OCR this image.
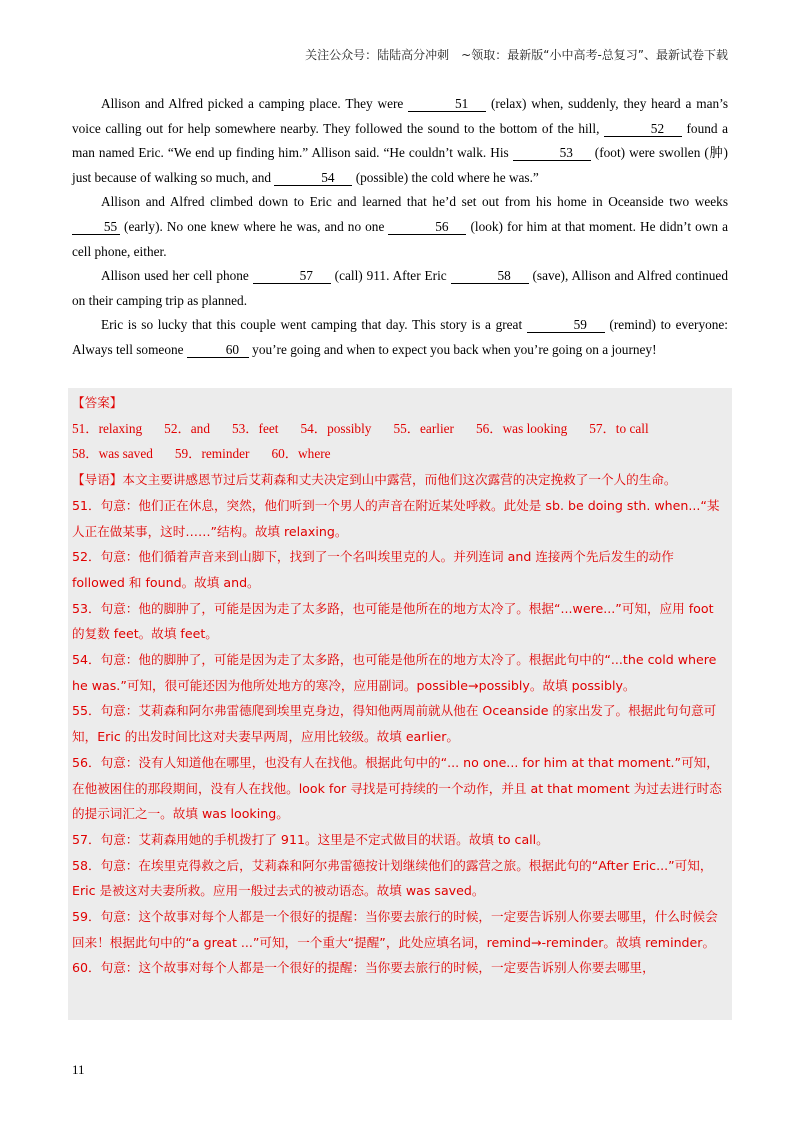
关注公众号：陆陆高分冲刺　~领取：最新版“小中高考-总复习”、最新试卷下载

Allison and Alfred picked a camping place. They were	51 (relax) when, suddenly, they heard a man’s voice calling out for help somewhere nearby. They followed the sound to the bottom of the hill,	52 found a man named Eric. “We end up finding him.” Allison said. “He couldn’t walk. His	53 (foot) were swollen (肿) just because of walking so much, and	54 (possible) the cold where he was.”

Allison and Alfred climbed down to Eric and learned that he’d set out from his home in Oceanside two weeks 55 (early). No one knew where he was, and no one	56 (look) for him at that moment. He didn’t own a cell phone, either.

Allison used her cell phone	57 (call) 911. After Eric	58 (save), Allison and Alfred continued on their camping trip as planned.

Eric is so lucky that this couple went camping that day. This story is a great	59 (remind) to everyone: Always tell someone	60 you’re going and when to expect you back when you’re going on a journey!

【答案】

51．relaxing 52．and 53．feet 54．possibly 55．earlier 56．was looking 57．to call

58．was saved 59．reminder 60．where

【导语】本文主要讲感恩节过后艾莉森和丈夫决定到山中露营，而他们这次露营的决定挽救了一个人的生命。

51．句意：他们正在休息，突然，他们听到一个男人的声音在附近某处呼救。此处是 sb. be doing sth. when...“某人正在做某事，这时……”结构。故填 relaxing。

52．句意：他们循着声音来到山脚下，找到了一个名叫埃里克的人。并列连词 and 连接两个先后发生的动作 followed 和 found。故填 and。

53．句意：他的脚肿了，可能是因为走了太多路，也可能是他所在的地方太冷了。根据“...were...”可知，应用 foot 的复数 feet。故填 feet。

54．句意：他的脚肿了，可能是因为走了太多路，也可能是他所在的地方太冷了。根据此句中的“...the cold where he was.”可知，很可能还因为他所处地方的寒冷，应用副词。possible→possibly。故填 possibly。

55．句意：艾莉森和阿尔弗雷德爬到埃里克身边，得知他两周前就从他在 Oceanside 的家出发了。根据此句句意可知，Eric 的出发时间比这对夫妻早两周，应用比较级。故填 earlier。

56．句意：没有人知道他在哪里，也没有人在找他。根据此句中的“... no one... for him at that moment.”可知，在他被困住的那段期间，没有人在找他。look for 寻找是可持续的一个动作，并且 at that moment 为过去进行时态的提示词汇之一。故填 was looking。

57．句意：艾莉森用她的手机拨打了 911。这里是不定式做目的状语。故填 to call。

58．句意：在埃里克得救之后，艾莉森和阿尔弗雷德按计划继续他们的露营之旅。根据此句的“After Eric...”可知，Eric 是被这对夫妻所救。应用一般过去式的被动语态。故填 was saved。

59．句意：这个故事对每个人都是一个很好的提醒：当你要去旅行的时候，一定要告诉别人你要去哪里，什么时候会回来！根据此句中的“a great ...”可知，一个重大“提醒”，此处应填名词，remind→-reminder。故填 reminder。

60．句意：这个故事对每个人都是一个很好的提醒：当你要去旅行的时候，一定要告诉别人你要去哪里，

11
